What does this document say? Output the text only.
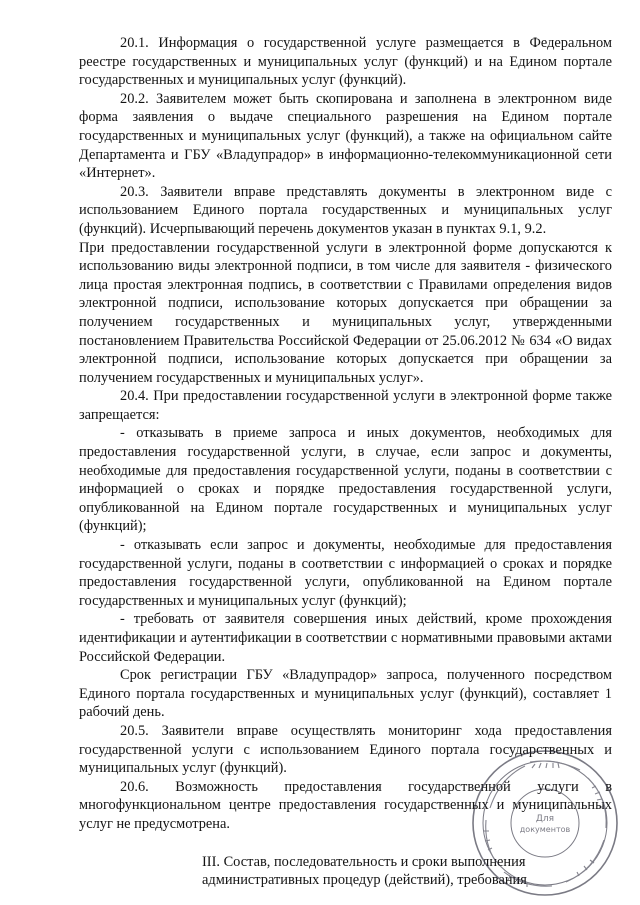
20.1. Информация о государственной услуге размещается в Федеральном реестре государственных и муниципальных услуг (функций) и на Едином портале государственных и муниципальных услуг (функций).

20.2. Заявителем может быть скопирована и заполнена в электронном виде форма заявления о выдаче специального разрешения на Едином портале государственных и муниципальных услуг (функций), а также на официальном сайте Департамента и ГБУ «Владупрадор» в информационно-телекоммуникационной сети «Интернет».

20.3. Заявители вправе представлять документы в электронном виде с использованием Единого портала государственных и муниципальных услуг (функций). Исчерпывающий перечень документов указан в пунктах 9.1, 9.2.

При предоставлении государственной услуги в электронной форме допускаются к использованию виды электронной подписи, в том числе для заявителя - физического лица простая электронная подпись, в соответствии с Правилами определения видов электронной подписи, использование которых допускается при обращении за получением государственных и муниципальных услуг, утвержденными постановлением Правительства Российской Федерации от 25.06.2012 № 634 «О видах электронной подписи, использование которых допускается при обращении за получением государственных и муниципальных услуг».

20.4. При предоставлении государственной услуги в электронной форме также запрещается:

- отказывать в приеме запроса и иных документов, необходимых для предоставления государственной услуги, в случае, если запрос и документы, необходимые для предоставления государственной услуги, поданы в соответствии с информацией о сроках и порядке предоставления государственной услуги, опубликованной на Едином портале государственных и муниципальных услуг (функций);

- отказывать если запрос и документы, необходимые для предоставления государственной услуги, поданы в соответствии с информацией о сроках и порядке предоставления государственной услуги, опубликованной на Едином портале государственных и муниципальных услуг (функций);

- требовать от заявителя совершения иных действий, кроме прохождения идентификации и аутентификации в соответствии с нормативными правовыми актами Российской Федерации.

Срок регистрации ГБУ «Владупрадор» запроса, полученного посредством Единого портала государственных и муниципальных услуг (функций), составляет 1 рабочий день.

20.5. Заявители вправе осуществлять мониторинг хода предоставления государственной услуги с использованием Единого портала государственных и муниципальных услуг (функций).

20.6. Возможность предоставления государственной услуги в многофункциональном центре предоставления государственных и муниципальных услуг не предусмотрена.

III. Состав, последовательность и сроки выполнения
административных процедур (действий), требования
Для
документов
